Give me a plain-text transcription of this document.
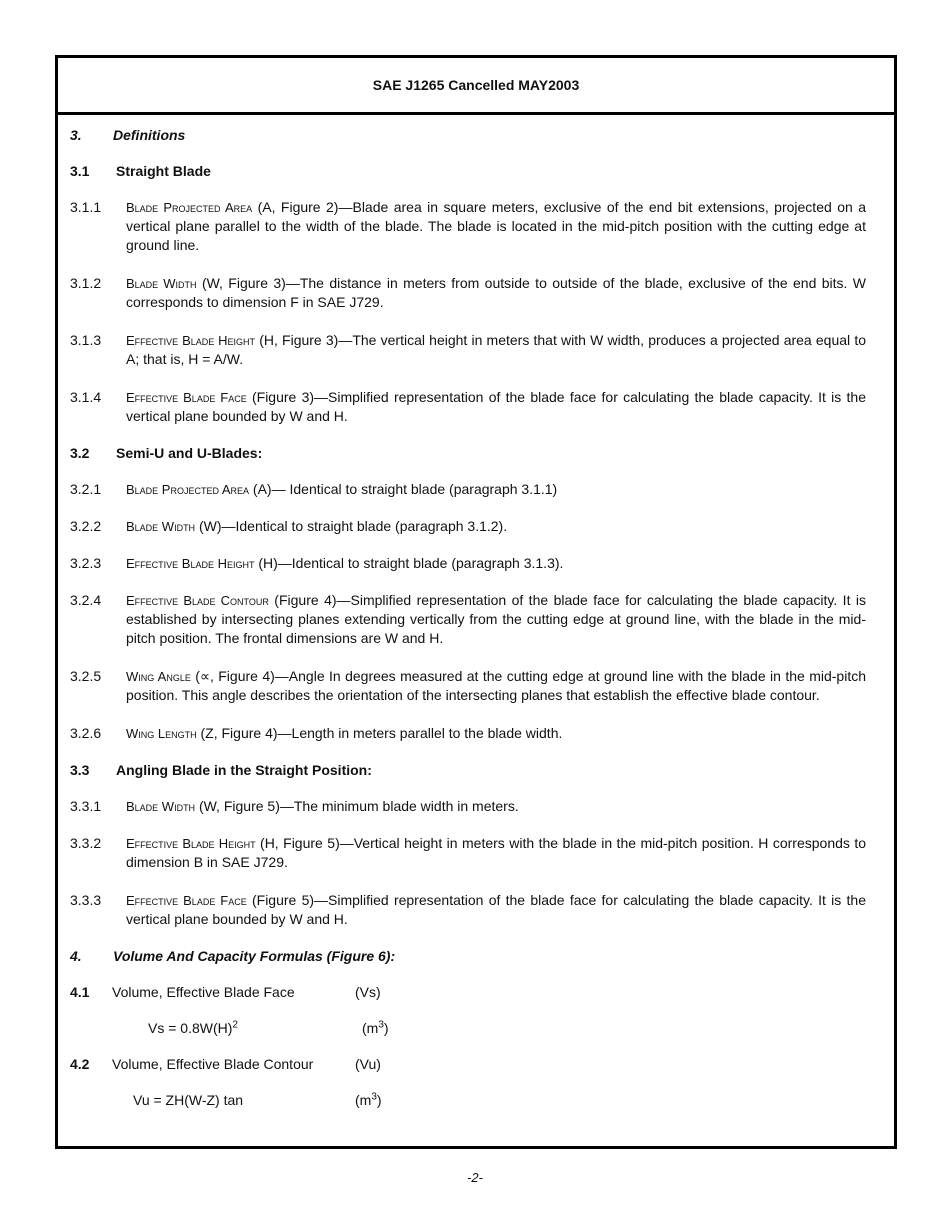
SAE J1265 Cancelled MAY2003
3.	Definitions
3.1	Straight Blade
3.1.1	Blade Projected Area (A, Figure 2)—Blade area in square meters, exclusive of the end bit extensions, projected on a vertical plane parallel to the width of the blade. The blade is located in the mid-pitch position with the cutting edge at ground line.
3.1.2	Blade Width (W, Figure 3)—The distance in meters from outside to outside of the blade, exclusive of the end bits. W corresponds to dimension F in SAE J729.
3.1.3	Effective Blade Height (H, Figure 3)—The vertical height in meters that with W width, produces a projected area equal to A; that is, H = A/W.
3.1.4	Effective Blade Face (Figure 3)—Simplified representation of the blade face for calculating the blade capacity. It is the vertical plane bounded by W and H.
3.2	Semi-U and U-Blades:
3.2.1	Blade Projected Area (A)— Identical to straight blade (paragraph 3.1.1)
3.2.2	Blade Width (W)—Identical to straight blade (paragraph 3.1.2).
3.2.3	Effective Blade Height (H)—Identical to straight blade (paragraph 3.1.3).
3.2.4	Effective Blade Contour (Figure 4)—Simplified representation of the blade face for calculating the blade capacity. It is established by intersecting planes extending vertically from the cutting edge at ground line, with the blade in the mid-pitch position. The frontal dimensions are W and H.
3.2.5	Wing Angle (∝, Figure 4)—Angle In degrees measured at the cutting edge at ground line with the blade in the mid-pitch position. This angle describes the orientation of the intersecting planes that establish the effective blade contour.
3.2.6	Wing Length (Z, Figure 4)—Length in meters parallel to the blade width.
3.3	Angling Blade in the Straight Position:
3.3.1	Blade Width (W, Figure 5)—The minimum blade width in meters.
3.3.2	Effective Blade Height (H, Figure 5)—Vertical height in meters with the blade in the mid-pitch position. H corresponds to dimension B in SAE J729.
3.3.3	Effective Blade Face (Figure 5)—Simplified representation of the blade face for calculating the blade capacity. It is the vertical plane bounded by W and H.
4.	Volume And Capacity Formulas (Figure 6):
4.1	Volume, Effective Blade Face	(Vs)
$Vs = 0.8W(H)^2$	$(m^3)$
4.2	Volume, Effective Blade Contour	(Vu)
Vu = ZH(W-Z) tan	$(m^3)$
-2-
